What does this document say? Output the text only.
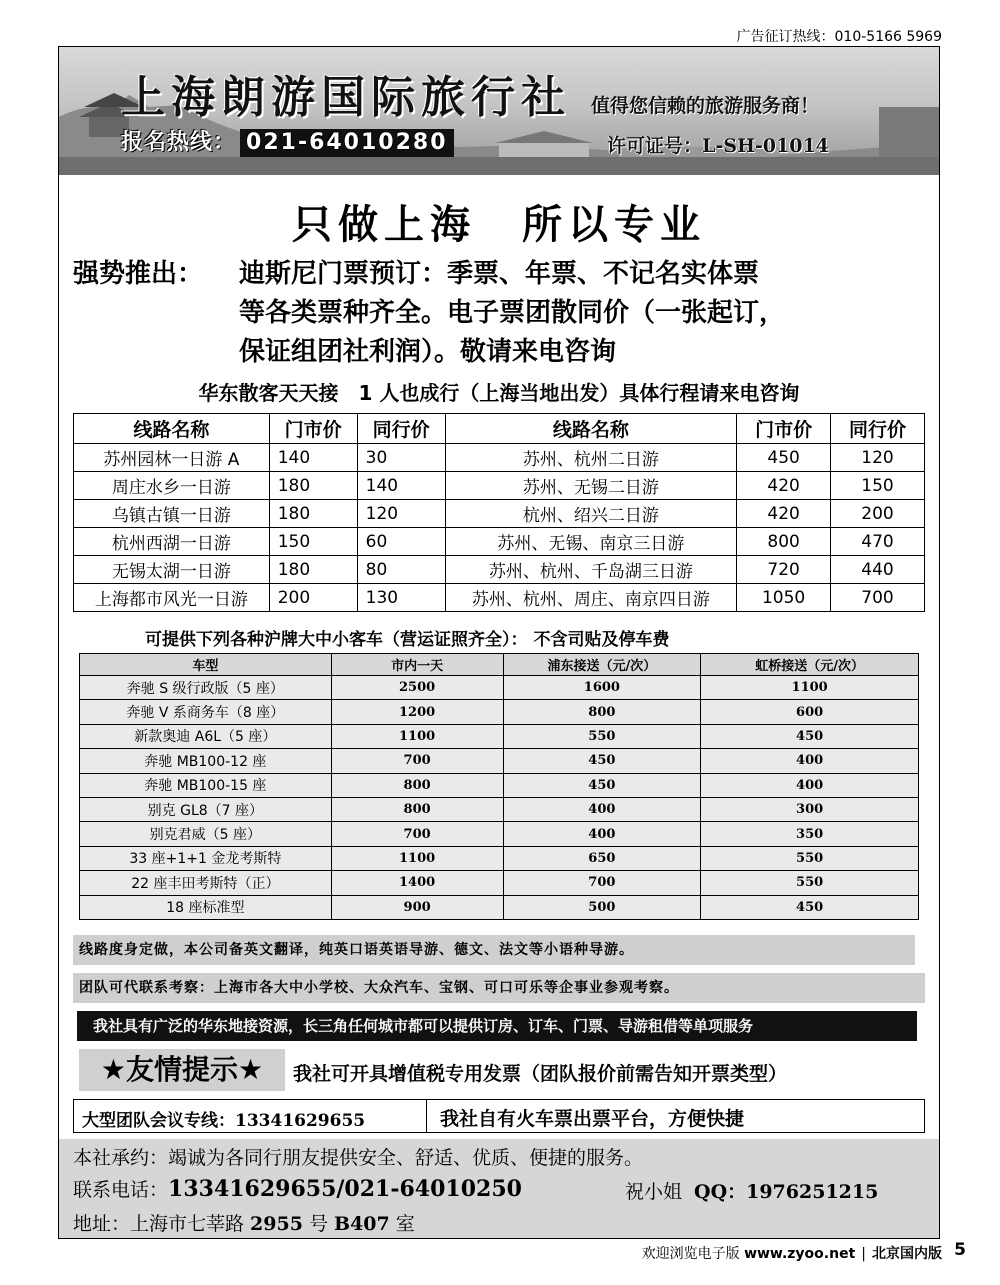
广告征订热线：010-5166 5969
上海朗游国际旅行社 值得您信赖的旅游服务商！
报名热线： 021-64010280	许可证号：L-SH-01014
只做上海　所以专业
强势推出： 迪斯尼门票预订：季票、年票、不记名实体票
等各类票种齐全。电子票团散同价（一张起订，
保证组团社利润）。敬请来电咨询
华东散客天天接　1 人也成行（上海当地出发）具体行程请来电咨询
线路名称	门市价	同行价	线路名称	门市价	同行价
苏州园林一日游 A	140	30	苏州、杭州二日游	450	120
周庄水乡一日游	180	140	苏州、无锡二日游	420	150
乌镇古镇一日游	180	120	杭州、绍兴二日游	420	200
杭州西湖一日游	150	60	苏州、无锡、南京三日游	800	470
无锡太湖一日游	180	80	苏州、杭州、千岛湖三日游	720	440
上海都市风光一日游	200	130	苏州、杭州、周庄、南京四日游	1050	700
可提供下列各种沪牌大中小客车（营运证照齐全）： 不含司贴及停车费
车型	市内一天	浦东接送（元/次）	虹桥接送（元/次）
奔驰 S 级行政版（5 座）	2500	1600	1100
奔驰 V 系商务车（8 座）	1200	800	600
新款奥迪 A6L（5 座）	1100	550	450
奔驰 MB100-12 座	700	450	400
奔驰 MB100-15 座	800	450	400
别克 GL8（7 座）	800	400	300
别克君威（5 座）	700	400	350
33 座+1+1 金龙考斯特	1100	650	550
22 座丰田考斯特（正）	1400	700	550
18 座标准型	900	500	450
线路度身定做，本公司备英文翻译，纯英口语英语导游、德文、法文等小语种导游。
团队可代联系考察：上海市各大中小学校、大众汽车、宝钢、可口可乐等企事业参观考察。
我社具有广泛的华东地接资源，长三角任何城市都可以提供订房、订车、门票、导游租借等单项服务
★友情提示★	我社可开具增值税专用发票（团队报价前需告知开票类型）
大型团队会议专线：13341629655	我社自有火车票出票平台，方便快捷
本社承约：竭诚为各同行朋友提供安全、舒适、优质、便捷的服务。
联系电话：13341629655/021-64010250	祝小姐 QQ：1976251215
地址：上海市七莘路 2955 号 B407 室
欢迎浏览电子版 www.zyoo.net | 北京国内版 5
